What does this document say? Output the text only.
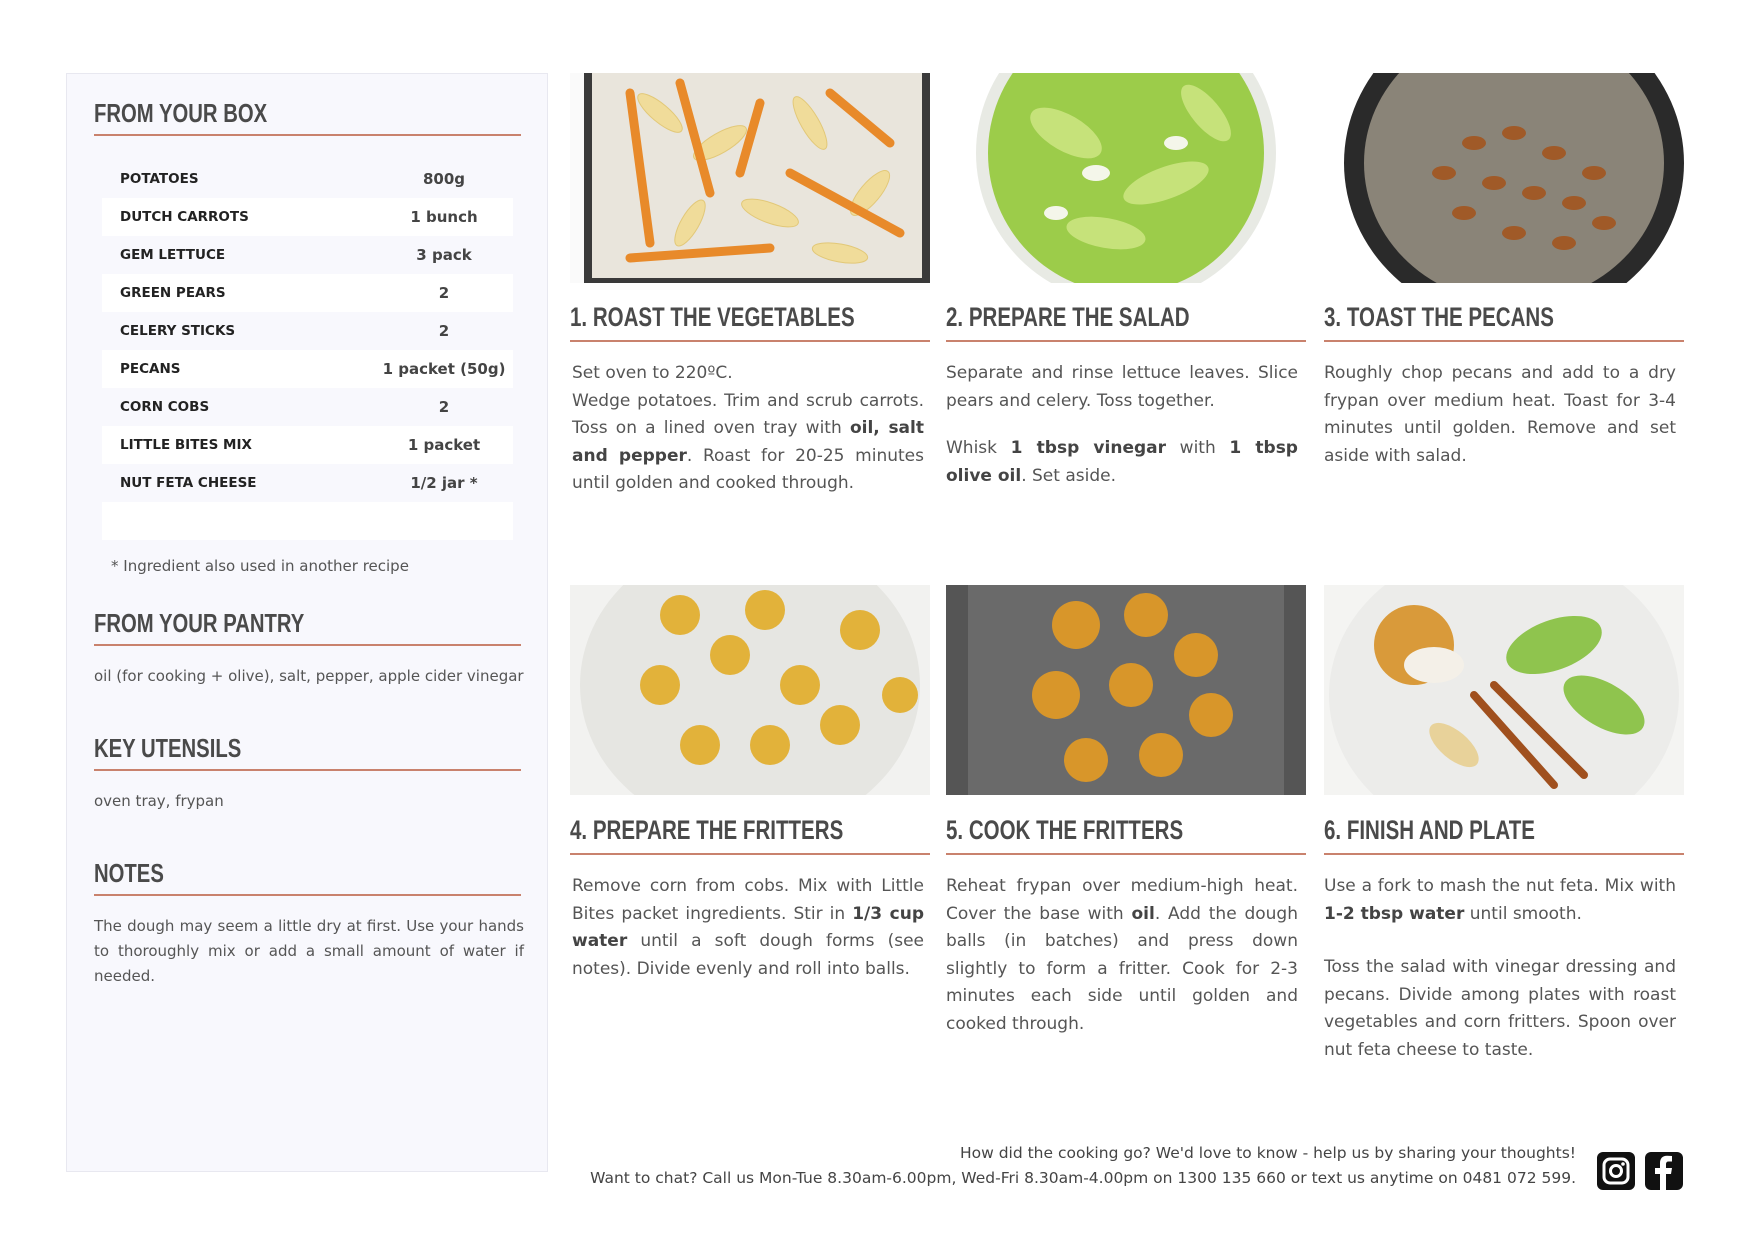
FROM YOUR BOX
POTATOES	800g
DUTCH CARROTS	1 bunch
GEM LETTUCE	3 pack
GREEN PEARS	2
CELERY STICKS	2
PECANS	1 packet (50g)
CORN COBS	2
LITTLE BITES MIX	1 packet
NUT FETA CHEESE	1/2 jar *
* Ingredient also used in another recipe
FROM YOUR PANTRY
oil (for cooking + olive), salt, pepper, apple cider vinegar
KEY UTENSILS
oven tray, frypan
NOTES
The dough may seem a little dry at first. Use your hands to thoroughly mix or add a small amount of water if needed.
1. ROAST THE VEGETABLES

Set oven to 220ºC.

Wedge potatoes. Trim and scrub carrots. Toss on a lined oven tray with oil, salt and pepper. Roast for 20-25 minutes until golden and cooked through.

2. PREPARE THE SALAD

Separate and rinse lettuce leaves. Slice pears and celery. Toss together.

Whisk 1 tbsp vinegar with 1 tbsp olive oil. Set aside.

3. TOAST THE PECANS

Roughly chop pecans and add to a dry frypan over medium heat. Toast for 3-4 minutes until golden. Remove and set aside with salad.

4. PREPARE THE FRITTERS

Remove corn from cobs. Mix with Little Bites packet ingredients. Stir in 1/3 cup water until a soft dough forms (see notes). Divide evenly and roll into balls.

5. COOK THE FRITTERS

Reheat frypan over medium-high heat. Cover the base with oil. Add the dough balls (in batches) and press down slightly to form a fritter. Cook for 2-3 minutes each side until golden and cooked through.

6. FINISH AND PLATE

Use a fork to mash the nut feta. Mix with 1-2 tbsp water until smooth.

Toss the salad with vinegar dressing and pecans. Divide among plates with roast vegetables and corn fritters. Spoon over nut feta cheese to taste.

How did the cooking go? We'd love to know - help us by sharing your thoughts!
Want to chat? Call us Mon-Tue 8.30am-6.00pm, Wed-Fri 8.30am-4.00pm on 1300 135 660 or text us anytime on 0481 072 599.
